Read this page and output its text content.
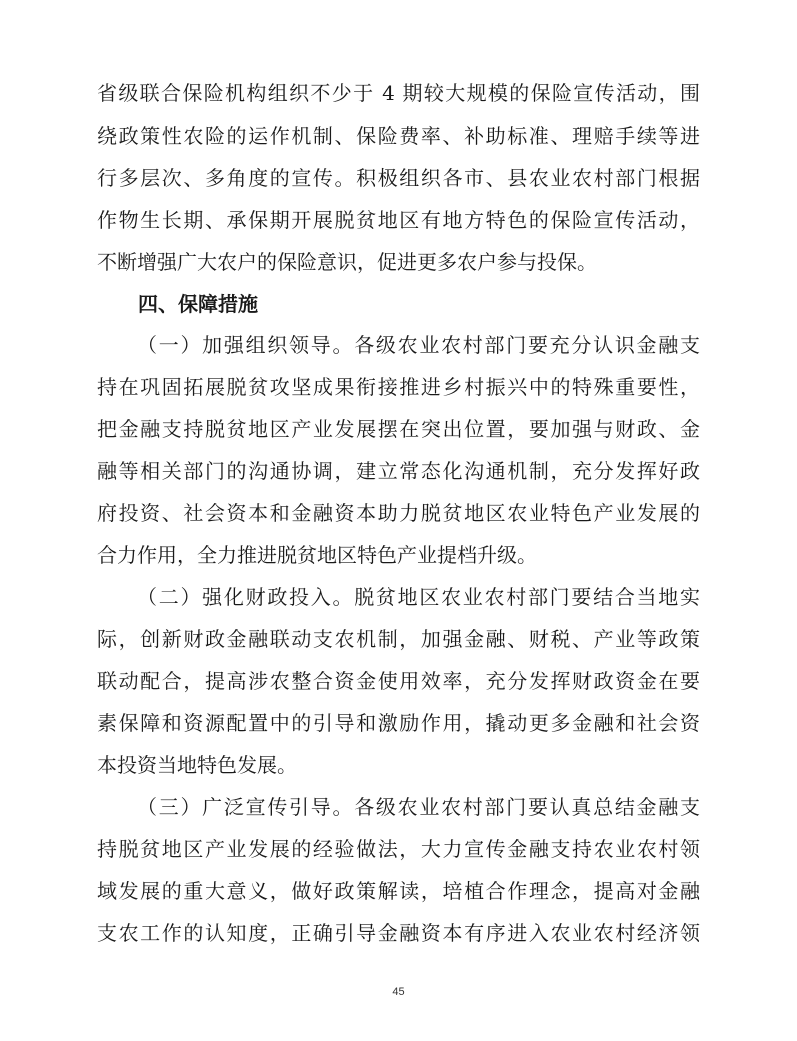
省级联合保险机构组织不少于 4 期较大规模的保险宣传活动，围
绕政策性农险的运作机制、保险费率、补助标准、理赔手续等进
行多层次、多角度的宣传。积极组织各市、县农业农村部门根据
作物生长期、承保期开展脱贫地区有地方特色的保险宣传活动，
不断增强广大农户的保险意识，促进更多农户参与投保。
四、保障措施
（一）加强组织领导。各级农业农村部门要充分认识金融支
持在巩固拓展脱贫攻坚成果衔接推进乡村振兴中的特殊重要性，
把金融支持脱贫地区产业发展摆在突出位置，要加强与财政、金
融等相关部门的沟通协调，建立常态化沟通机制，充分发挥好政
府投资、社会资本和金融资本助力脱贫地区农业特色产业发展的
合力作用，全力推进脱贫地区特色产业提档升级。
（二）强化财政投入。脱贫地区农业农村部门要结合当地实
际，创新财政金融联动支农机制，加强金融、财税、产业等政策
联动配合，提高涉农整合资金使用效率，充分发挥财政资金在要
素保障和资源配置中的引导和激励作用，撬动更多金融和社会资
本投资当地特色发展。
（三）广泛宣传引导。各级农业农村部门要认真总结金融支
持脱贫地区产业发展的经验做法，大力宣传金融支持农业农村领
域发展的重大意义，做好政策解读，培植合作理念，提高对金融
支农工作的认知度，正确引导金融资本有序进入农业农村经济领
45
